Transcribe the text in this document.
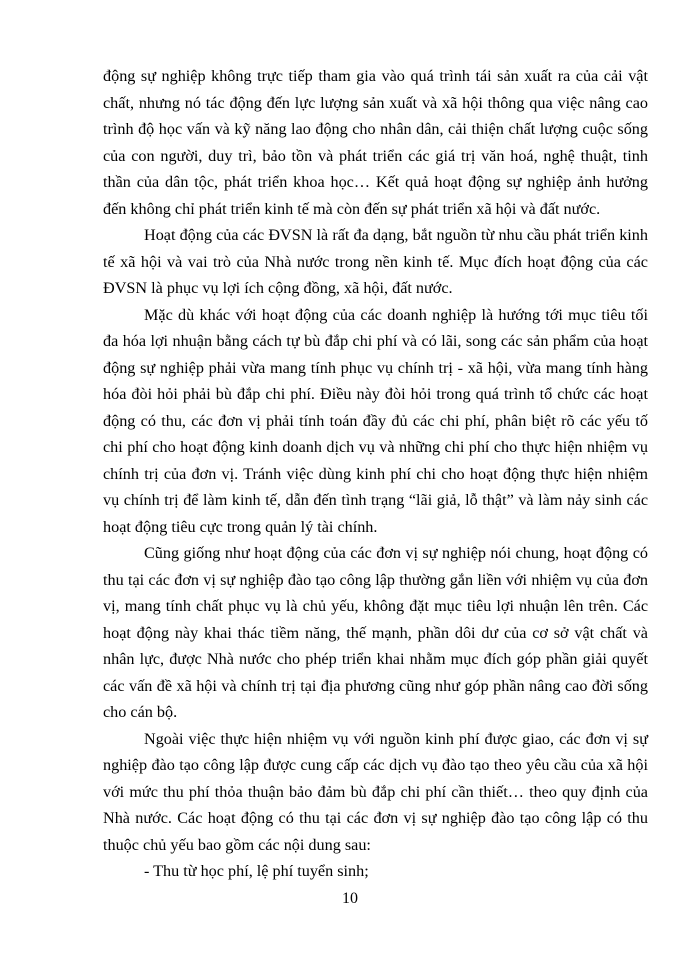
động sự nghiệp không trực tiếp tham gia vào quá trình tái sản xuất ra của cải vật chất, nhưng nó tác động đến lực lượng sản xuất và xã hội thông qua việc nâng cao trình độ học vấn và kỹ năng lao động cho nhân dân, cải thiện chất lượng cuộc sống của con người, duy trì, bảo tồn và phát triển các giá trị văn hoá, nghệ thuật, tinh thần của dân tộc, phát triển khoa học… Kết quả hoạt động sự nghiệp ảnh hưởng đến không chỉ phát triển kinh tế mà còn đến sự phát triển xã hội và đất nước.

Hoạt động của các ĐVSN là rất đa dạng, bắt nguồn từ nhu cầu phát triển kinh tế xã hội và vai trò của Nhà nước trong nền kinh tế. Mục đích hoạt động của các ĐVSN là phục vụ lợi ích cộng đồng, xã hội, đất nước.

Mặc dù khác với hoạt động của các doanh nghiệp là hướng tới mục tiêu tối đa hóa lợi nhuận bằng cách tự bù đắp chi phí và có lãi, song các sản phẩm của hoạt động sự nghiệp phải vừa mang tính phục vụ chính trị - xã hội, vừa mang tính hàng hóa đòi hỏi phải bù đắp chi phí. Điều này đòi hỏi trong quá trình tổ chức các hoạt động có thu, các đơn vị phải tính toán đầy đủ các chi phí, phân biệt rõ các yếu tố chi phí cho hoạt động kinh doanh dịch vụ và những chi phí cho thực hiện nhiệm vụ chính trị của đơn vị. Tránh việc dùng kinh phí chi cho hoạt động thực hiện nhiệm vụ chính trị để làm kinh tế, dẫn đến tình trạng “lãi giả, lỗ thật” và làm nảy sinh các hoạt động tiêu cực trong quản lý tài chính.

Cũng giống như hoạt động của các đơn vị sự nghiệp nói chung, hoạt động có thu tại các đơn vị sự nghiệp đào tạo công lập thường gắn liền với nhiệm vụ của đơn vị, mang tính chất phục vụ là chủ yếu, không đặt mục tiêu lợi nhuận lên trên. Các hoạt động này khai thác tiềm năng, thế mạnh, phần dôi dư của cơ sở vật chất và nhân lực, được Nhà nước cho phép triển khai nhằm mục đích góp phần giải quyết các vấn đề xã hội và chính trị tại địa phương cũng như góp phần nâng cao đời sống cho cán bộ.

Ngoài việc thực hiện nhiệm vụ với nguồn kinh phí được giao, các đơn vị sự nghiệp đào tạo công lập được cung cấp các dịch vụ đào tạo theo yêu cầu của xã hội với mức thu phí thỏa thuận bảo đảm bù đắp chi phí cần thiết… theo quy định của Nhà nước. Các hoạt động có thu tại các đơn vị sự nghiệp đào tạo công lập có thu thuộc chủ yếu bao gồm các nội dung sau:

- Thu từ học phí, lệ phí tuyển sinh;

10
